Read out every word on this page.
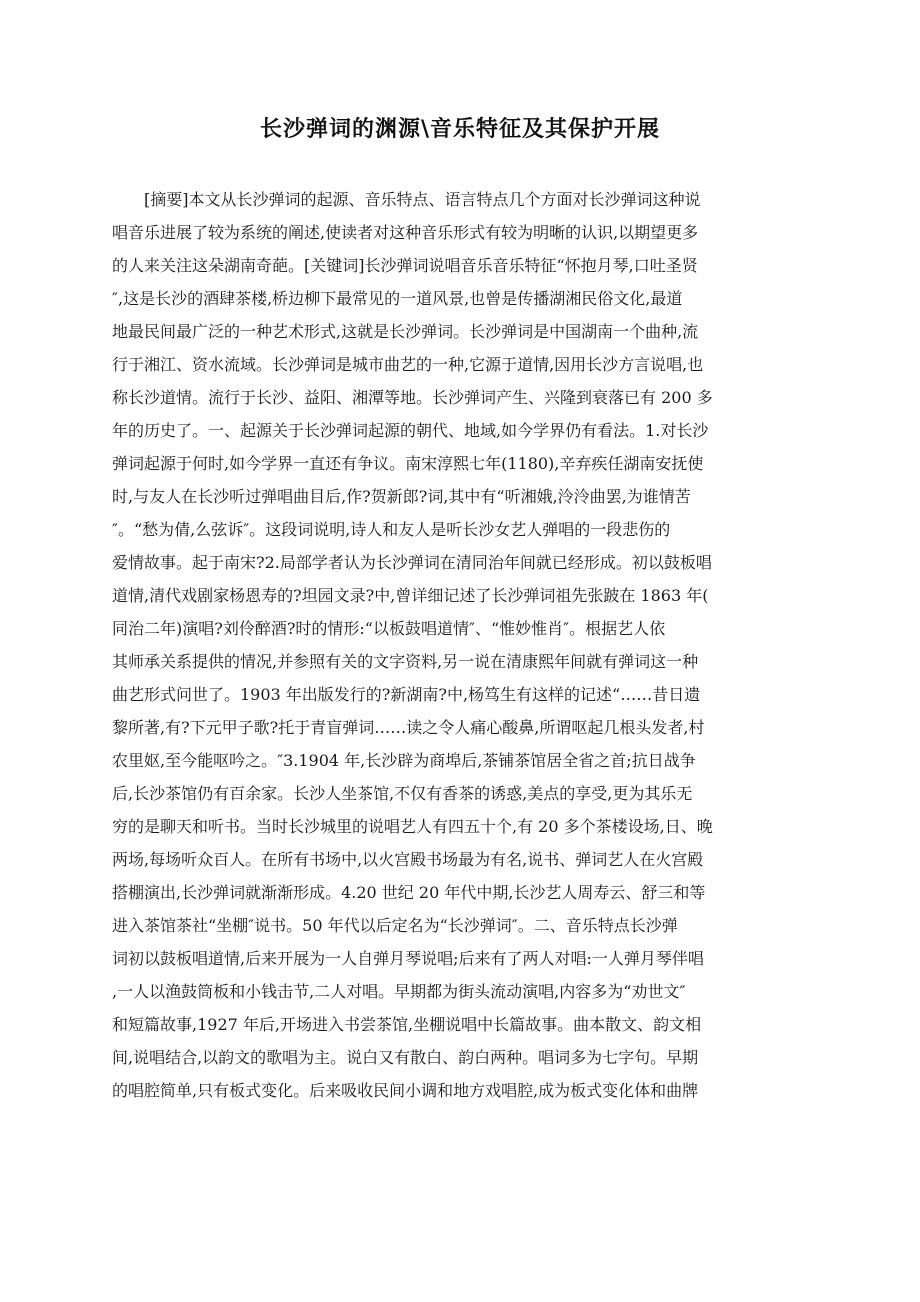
长沙弹词的渊源\音乐特征及其保护开展
[摘要]本文从长沙弹词的起源、音乐特点、语言特点几个方面对长沙弹词这种说
唱音乐进展了较为系统的阐述,使读者对这种音乐形式有较为明晰的认识,以期望更多
的人来关注这朵湖南奇葩。[关键词]长沙弹词说唱音乐音乐特征“怀抱月琴,口吐圣贤
″,这是长沙的酒肆茶楼,桥边柳下最常见的一道风景,也曾是传播湖湘民俗文化,最道
地最民间最广泛的一种艺术形式,这就是长沙弹词。长沙弹词是中国湖南一个曲种,流
行于湘江、资水流域。长沙弹词是城市曲艺的一种,它源于道情,因用长沙方言说唱,也
称长沙道情。流行于长沙、益阳、湘潭等地。长沙弹词产生、兴隆到衰落已有 200 多
年的历史了。一、起源关于长沙弹词起源的朝代、地域,如今学界仍有看法。1.对长沙
弹词起源于何时,如今学界一直还有争议。南宋淳熙七年(1180),辛弃疾任湖南安抚使
时,与友人在长沙听过弹唱曲目后,作?贺新郎?词,其中有“听湘娥,泠泠曲罢,为谁情苦
″。“愁为倩,么弦诉″。这段词说明,诗人和友人是听长沙女艺人弹唱的一段悲伤的
爱情故事。起于南宋?2.局部学者认为长沙弹词在清同治年间就已经形成。初以鼓板唱
道情,清代戏剧家杨恩寿的?坦园文录?中,曾详细记述了长沙弹词祖先张跛在 1863 年(
同治二年)演唱?刘伶醉酒?时的情形:“以板鼓唱道情″、“惟妙惟肖″。根据艺人依
其师承关系提供的情况,并参照有关的文字资料,另一说在清康熙年间就有弹词这一种
曲艺形式问世了。1903 年出版发行的?新湖南?中,杨笃生有这样的记述“……昔日遗
黎所著,有?下元甲子歌?托于青盲弹词……读之令人痛心酸鼻,所谓呕起几根头发者,村
农里妪,至今能呕吟之。″3.1904 年,长沙辟为商埠后,茶铺茶馆居全省之首;抗日战争
后,长沙茶馆仍有百余家。长沙人坐茶馆,不仅有香茶的诱惑,美点的享受,更为其乐无
穷的是聊天和听书。当时长沙城里的说唱艺人有四五十个,有 20 多个茶楼设场,日、晚
两场,每场听众百人。在所有书场中,以火宫殿书场最为有名,说书、弹词艺人在火宫殿
搭棚演出,长沙弹词就渐渐形成。4.20 世纪 20 年代中期,长沙艺人周寿云、舒三和等
进入茶馆茶社“坐棚″说书。50 年代以后定名为“长沙弹词″。二、音乐特点长沙弹
词初以鼓板唱道情,后来开展为一人自弹月琴说唱;后来有了两人对唱:一人弹月琴伴唱
,一人以渔鼓筒板和小钱击节,二人对唱。早期都为街头流动演唱,内容多为“劝世文″
和短篇故事,1927 年后,开场进入书尝茶馆,坐棚说唱中长篇故事。曲本散文、韵文相
间,说唱结合,以韵文的歌唱为主。说白又有散白、韵白两种。唱词多为七字句。早期
的唱腔简单,只有板式变化。后来吸收民间小调和地方戏唱腔,成为板式变化体和曲牌
